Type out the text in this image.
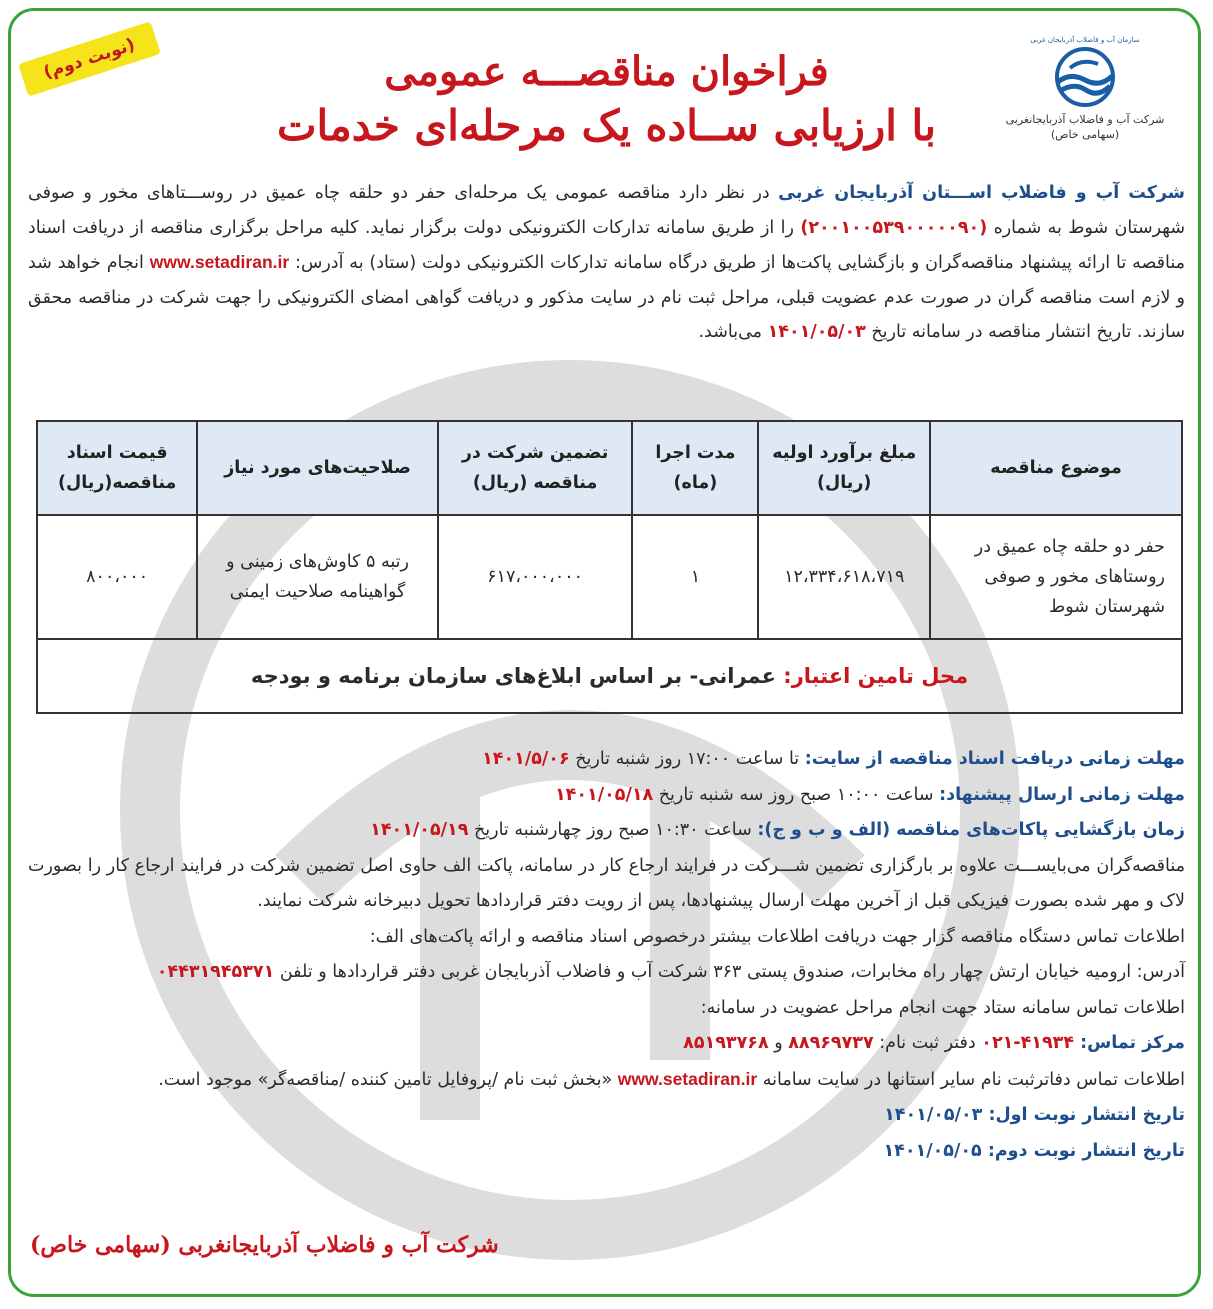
(نوبت دوم)	سازمان آب و فاضلاب آذربایجان غربی
شرکت آب و فاضلاب آذربایجانغربی
(سهامی خاص)
فراخوان مناقصـــه عمومی
با ارزیابی ســاده یک مرحله‌ای خدمات
شرکت آب و فاضلاب اســـتان آذربایجان غربی در نظر دارد مناقصه عمومی یک مرحله‌ای حفر دو حلقه چاه عمیق در روســـتاهای مخور و صوفی شهرستان شوط به شماره (۲۰۰۱۰۰۵۳۹۰۰۰۰۰۹۰) را از طریق سامانه تدارکات الکترونیکی دولت برگزار نماید. کلیه مراحل برگزاری مناقصه از دریافت اسناد مناقصه تا ارائه پیشنهاد مناقصه‌گران و بازگشایی پاکت‌ها از طریق درگاه سامانه تدارکات الکترونیکی دولت (ستاد) به آدرس: www.setadiran.ir انجام خواهد شد و لازم است مناقصه گران در صورت عدم عضویت قبلی، مراحل ثبت نام در سایت مذکور و دریافت گواهی امضای الکترونیکی را جهت شرکت در مناقصه محقق سازند. تاریخ انتشار مناقصه در سامانه تاریخ ۱۴۰۱/۰۵/۰۳ می‌باشد.
موضوع مناقصه	مبلغ برآورد اولیه (ریال)	مدت اجرا (ماه)	تضمین شرکت در مناقصه (ریال)	صلاحیت‌های مورد نیاز	قیمت اسناد مناقصه(ریال)
حفر دو حلقه چاه عمیق در روستاهای مخور و صوفی شهرستان شوط	۱۲،۳۳۴،۶۱۸،۷۱۹	۱	۶۱۷،۰۰۰،۰۰۰	رتبه ۵ کاوش‌های زمینی و گواهینامه صلاحیت ایمنی	۸۰۰،۰۰۰
محل تامین اعتبار: عمرانی- بر اساس ابلاغ‌های سازمان برنامه و بودجه					

مهلت زمانی دریافت اسناد مناقصه از سایت: تا ساعت ۱۷:۰۰ روز شنبه تاریخ ۱۴۰۱/۵/۰۶

مهلت زمانی ارسال پیشنهاد: ساعت ۱۰:۰۰ صبح روز سه شنبه تاریخ ۱۴۰۱/۰۵/۱۸

زمان بازگشایی پاکات‌های مناقصه (الف و ب و ج): ساعت ۱۰:۳۰ صبح روز چهارشنبه تاریخ ۱۴۰۱/۰۵/۱۹

مناقصه‌گران می‌بایســـت علاوه بر بارگزاری تضمین شـــرکت در فرایند ارجاع کار در سامانه، پاکت الف حاوی اصل تضمین شرکت در فرایند ارجاع کار را بصورت لاک و مهر شده بصورت فیزیکی قبل از آخرین مهلت ارسال پیشنهادها، پس از رویت دفتر قراردادها تحویل دبیرخانه شرکت نمایند.

اطلاعات تماس دستگاه مناقصه گزار جهت دریافت اطلاعات بیشتر درخصوص اسناد مناقصه و ارائه پاکت‌های الف:

آدرس: ارومیه خیابان ارتش چهار راه مخابرات، صندوق پستی ۳۶۳ شرکت آب و فاضلاب آذربایجان غربی دفتر قراردادها و تلفن ۰۴۴۳۱۹۴۵۳۷۱

اطلاعات تماس سامانه ستاد جهت انجام مراحل عضویت در سامانه:

مرکز تماس: ۴۱۹۳۴-۰۲۱ دفتر ثبت نام: ۸۸۹۶۹۷۳۷ و ۸۵۱۹۳۷۶۸

اطلاعات تماس دفاترثبت نام سایر استانها در سایت سامانه www.setadiran.ir «بخش ثبت نام /پروفایل تامین کننده /مناقصه‌گر» موجود است.

تاریخ انتشار نوبت اول: ۱۴۰۱/۰۵/۰۳

تاریخ انتشار نوبت دوم: ۱۴۰۱/۰۵/۰۵

شرکت آب و فاضلاب آذربایجانغربی (سهامی خاص)
